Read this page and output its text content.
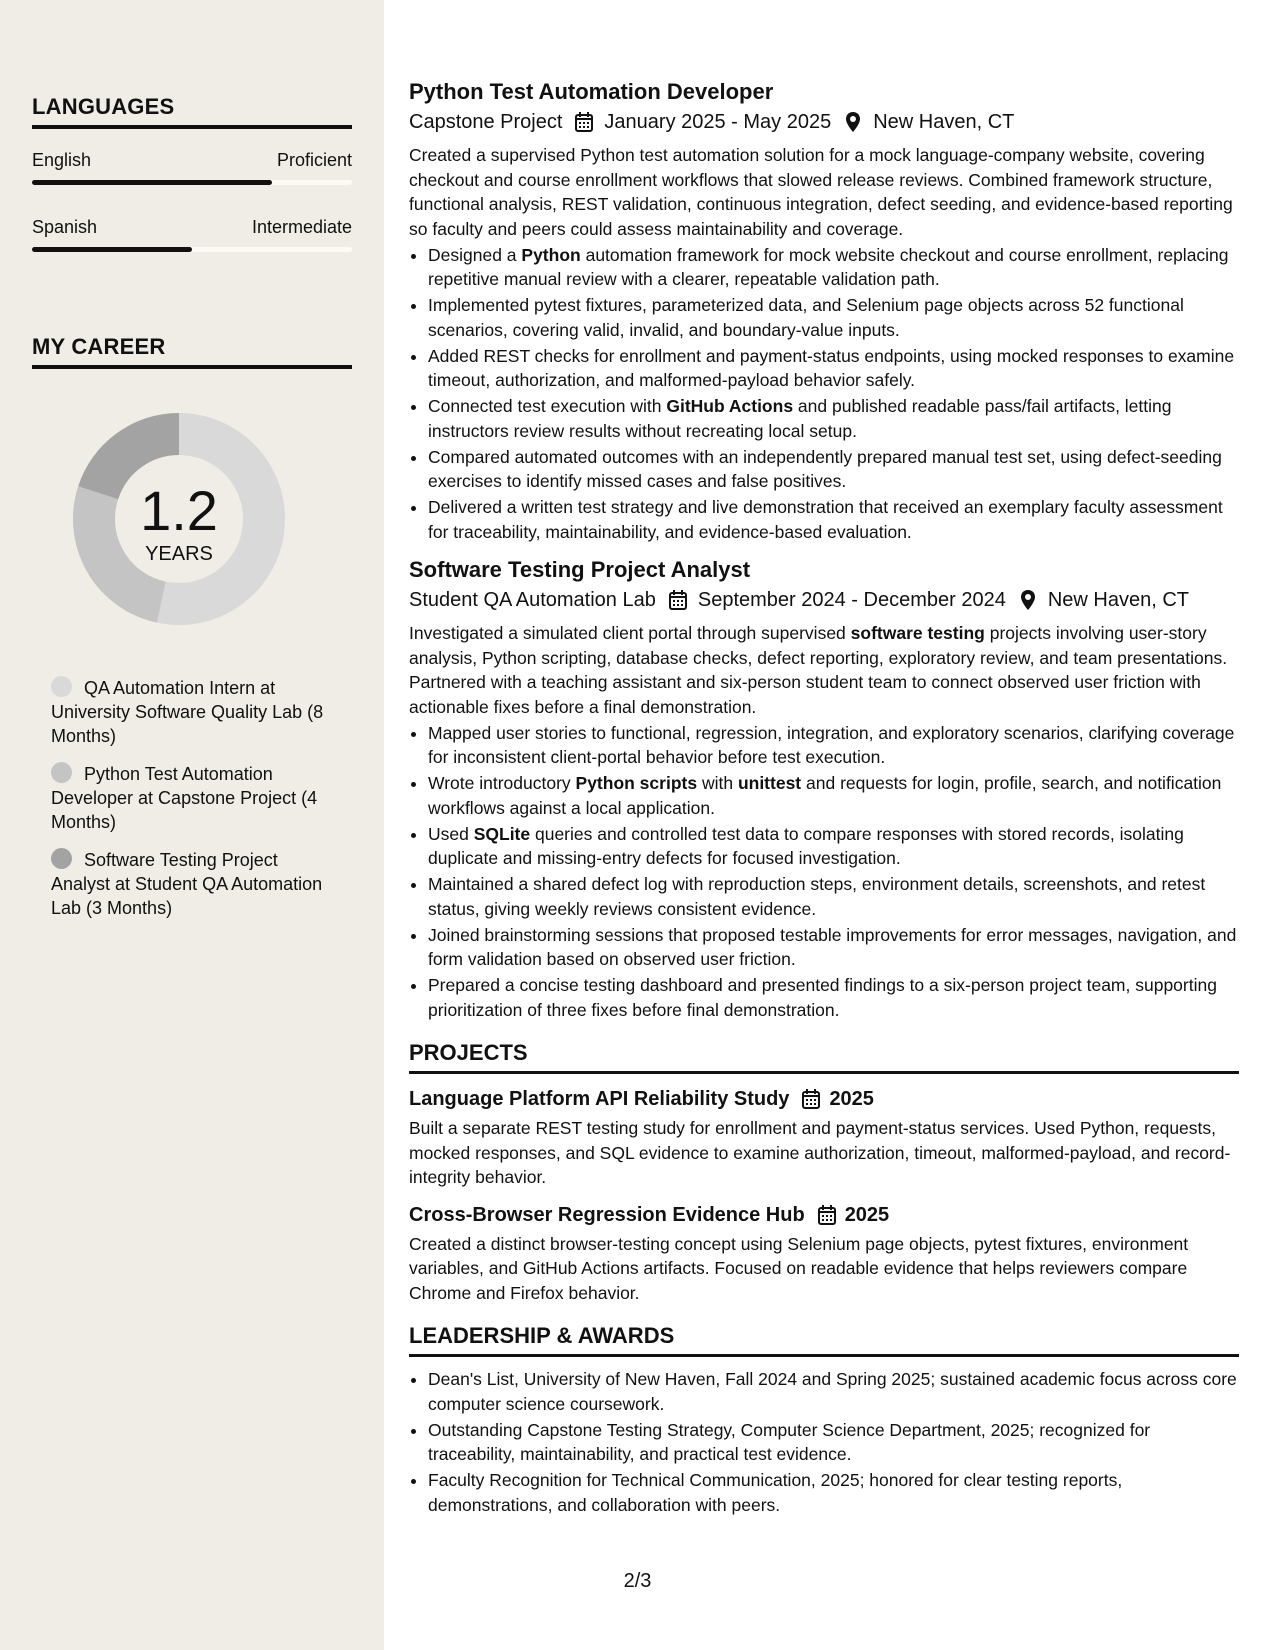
LANGUAGES
English	Proficient
Spanish	Intermediate
MY CAREER
1.2
YEARS
QA Automation Intern at University Software Quality Lab (8 Months)
Python Test Automation Developer at Capstone Project (4 Months)
Software Testing Project Analyst at Student QA Automation Lab (3 Months)
Python Test Automation Developer
Capstone Project January 2025 - May 2025 New Haven, CT

Created a supervised Python test automation solution for a mock language-company website, covering checkout and course enrollment workflows that slowed release reviews. Combined framework structure, functional analysis, REST validation, continuous integration, defect seeding, and evidence-based reporting so faculty and peers could assess maintainability and coverage.

• Designed a Python automation framework for mock website checkout and course enrollment, replacing repetitive manual review with a clearer, repeatable validation path.
• Implemented pytest fixtures, parameterized data, and Selenium page objects across 52 functional scenarios, covering valid, invalid, and boundary-value inputs.
• Added REST checks for enrollment and payment-status endpoints, using mocked responses to examine timeout, authorization, and malformed-payload behavior safely.
• Connected test execution with GitHub Actions and published readable pass/fail artifacts, letting instructors review results without recreating local setup.
• Compared automated outcomes with an independently prepared manual test set, using defect-seeding exercises to identify missed cases and false positives.
• Delivered a written test strategy and live demonstration that received an exemplary faculty assessment for traceability, maintainability, and evidence-based evaluation.
Software Testing Project Analyst
Student QA Automation Lab September 2024 - December 2024 New Haven, CT

Investigated a simulated client portal through supervised software testing projects involving user-story analysis, Python scripting, database checks, defect reporting, exploratory review, and team presentations. Partnered with a teaching assistant and six-person student team to connect observed user friction with actionable fixes before a final demonstration.

• Mapped user stories to functional, regression, integration, and exploratory scenarios, clarifying coverage for inconsistent client-portal behavior before test execution.
• Wrote introductory Python scripts with unittest and requests for login, profile, search, and notification workflows against a local application.
• Used SQLite queries and controlled test data to compare responses with stored records, isolating duplicate and missing-entry defects for focused investigation.
• Maintained a shared defect log with reproduction steps, environment details, screenshots, and retest status, giving weekly reviews consistent evidence.
• Joined brainstorming sessions that proposed testable improvements for error messages, navigation, and form validation based on observed user friction.
• Prepared a concise testing dashboard and presented findings to a six-person project team, supporting prioritization of three fixes before final demonstration.
PROJECTS
Language Platform API Reliability Study 2025
Built a separate REST testing study for enrollment and payment-status services. Used Python, requests, mocked responses, and SQL evidence to examine authorization, timeout, malformed-payload, and record-integrity behavior.
Cross-Browser Regression Evidence Hub 2025
Created a distinct browser-testing concept using Selenium page objects, pytest fixtures, environment variables, and GitHub Actions artifacts. Focused on readable evidence that helps reviewers compare Chrome and Firefox behavior.
LEADERSHIP & AWARDS
• Dean's List, University of New Haven, Fall 2024 and Spring 2025; sustained academic focus across core computer science coursework.
• Outstanding Capstone Testing Strategy, Computer Science Department, 2025; recognized for traceability, maintainability, and practical test evidence.
• Faculty Recognition for Technical Communication, 2025; honored for clear testing reports, demonstrations, and collaboration with peers.
2/3
